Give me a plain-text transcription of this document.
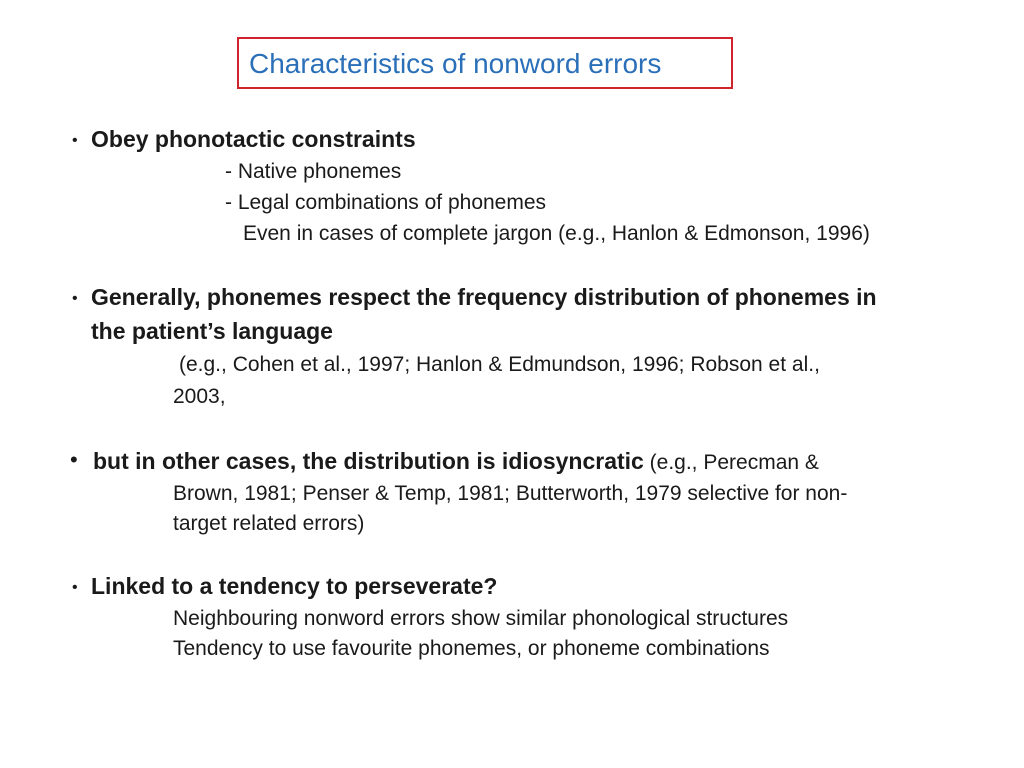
Characteristics of nonword errors
• Obey phonotactic constraints
- Native phonemes
- Legal combinations of phonemes
Even in cases of complete jargon (e.g., Hanlon & Edmonson, 1996)
• Generally, phonemes respect the frequency distribution of phonemes in
the patient’s language
(e.g., Cohen et al., 1997; Hanlon & Edmundson, 1996; Robson et al.,
2003,
• but in other cases, the distribution is idiosyncratic (e.g., Perecman &
Brown, 1981; Penser & Temp, 1981; Butterworth, 1979 selective for non-
target related errors)
• Linked to a tendency to perseverate?
Neighbouring nonword errors show similar phonological structures
Tendency to use favourite phonemes, or phoneme combinations
